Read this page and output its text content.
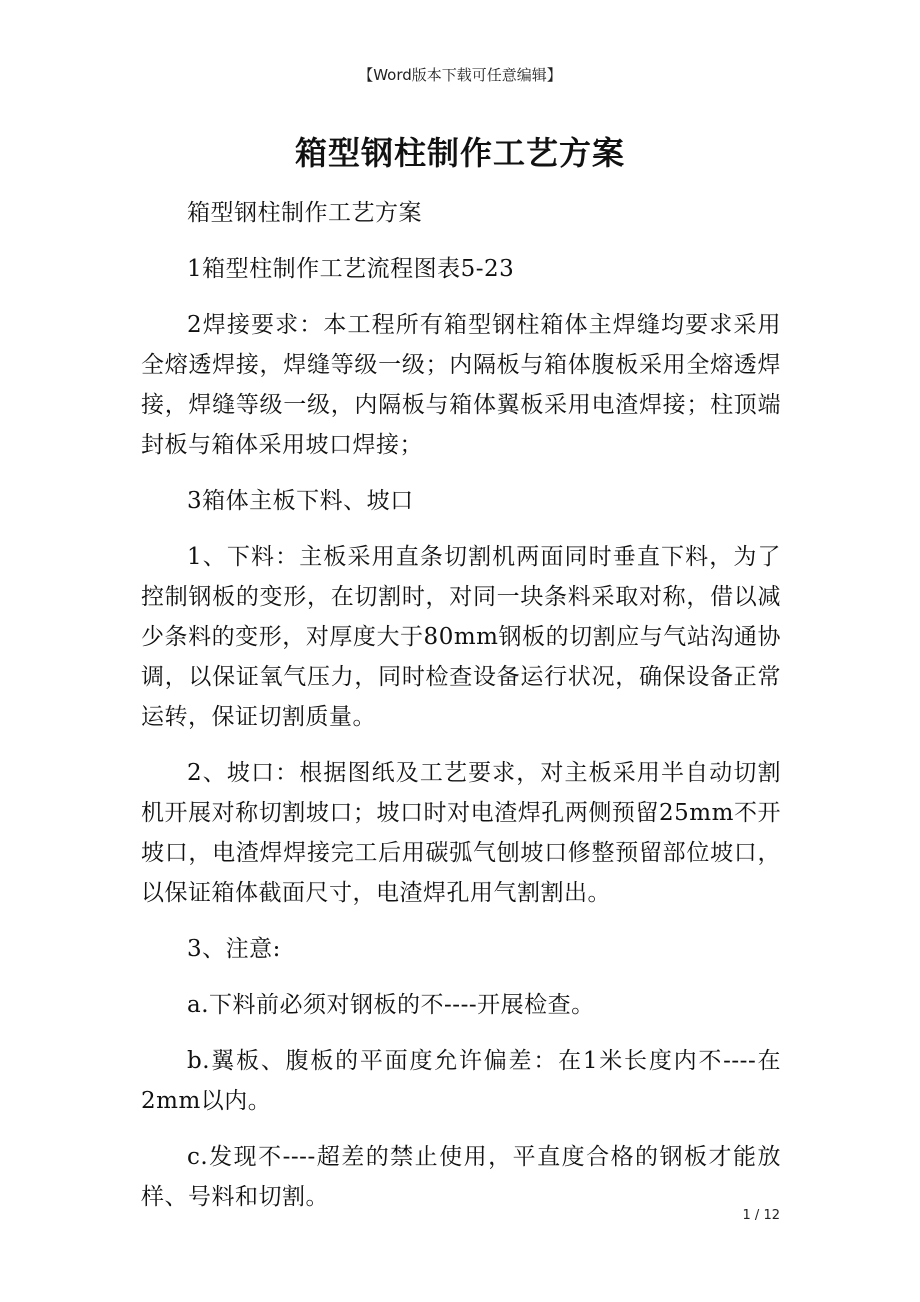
【Word版本下载可任意编辑】
箱型钢柱制作工艺方案

箱型钢柱制作工艺方案

1箱型柱制作工艺流程图表5-23

2焊接要求：本工程所有箱型钢柱箱体主焊缝均要求采用全熔透焊接，焊缝等级一级；内隔板与箱体腹板采用全熔透焊接，焊缝等级一级，内隔板与箱体翼板采用电渣焊接；柱顶端封板与箱体采用坡口焊接；

3箱体主板下料、坡口

1、下料：主板采用直条切割机两面同时垂直下料，为了控制钢板的变形，在切割时，对同一块条料采取对称，借以减少条料的变形，对厚度大于80mm钢板的切割应与气站沟通协调，以保证氧气压力，同时检查设备运行状况，确保设备正常运转，保证切割质量。

2、坡口：根据图纸及工艺要求，对主板采用半自动切割机开展对称切割坡口；坡口时对电渣焊孔两侧预留25mm不开坡口，电渣焊焊接完工后用碳弧气刨坡口修整预留部位坡口，以保证箱体截面尺寸，电渣焊孔用气割割出。

3、注意:

a.下料前必须对钢板的不----开展检查。

b.翼板、腹板的平面度允许偏差：在1米长度内不----在2mm以内。

c.发现不----超差的禁止使用，平直度合格的钢板才能放样、号料和切割。

1 / 12
